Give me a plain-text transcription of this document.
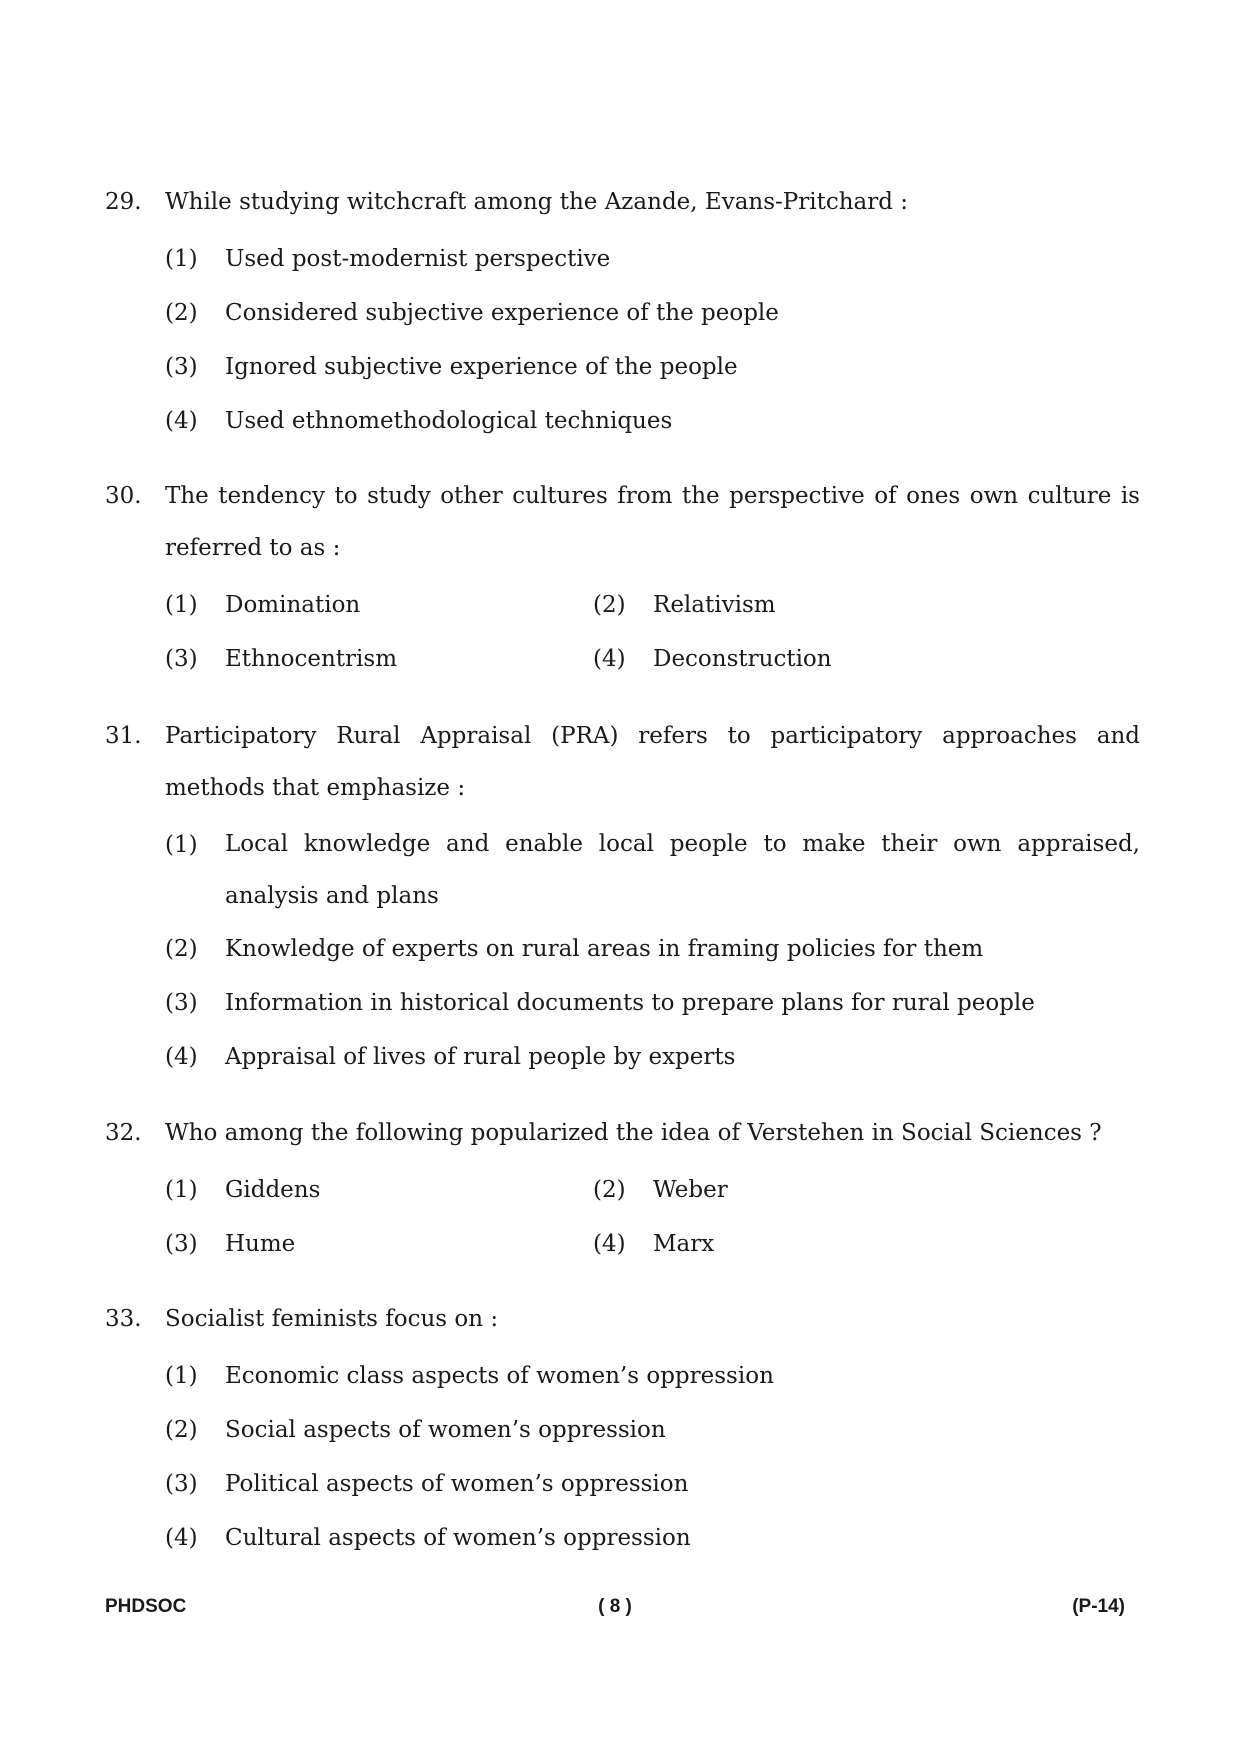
29.	While studying witchcraft among the Azande, Evans-Pritchard :
(1)	Used post-modernist perspective
(2)	Considered subjective experience of the people
(3)	Ignored subjective experience of the people
(4)	Used ethnomethodological techniques
30.	The tendency to study other cultures from the perspective of ones own culture is referred to as :
(1)	Domination	(2)	Relativism
(3)	Ethnocentrism	(4)	Deconstruction
31.	Participatory Rural Appraisal (PRA) refers to participatory approaches and methods that emphasize :
(1)	Local knowledge and enable local people to make their own appraised, analysis and plans
(2)	Knowledge of experts on rural areas in framing policies for them
(3)	Information in historical documents to prepare plans for rural people
(4)	Appraisal of lives of rural people by experts
32.	Who among the following popularized the idea of Verstehen in Social Sciences ?
(1)	Giddens	(2)	Weber
(3)	Hume	(4)	Marx
33.	Socialist feminists focus on :
(1)	Economic class aspects of women’s oppression
(2)	Social aspects of women’s oppression
(3)	Political aspects of women’s oppression
(4)	Cultural aspects of women’s oppression
PHDSOC	( 8 )	(P-14)
